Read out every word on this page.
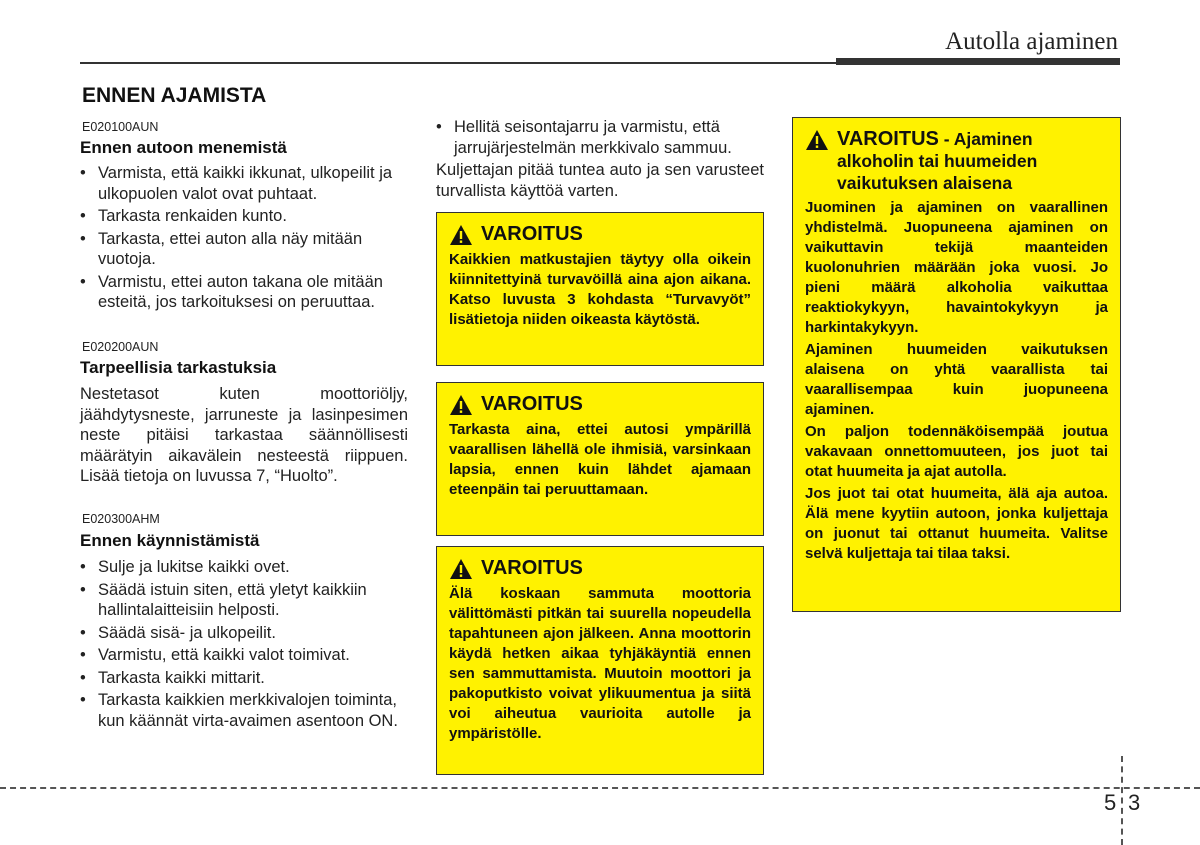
Autolla ajaminen
ENNEN AJAMISTA
E020100AUN
Ennen autoon menemistä
• Varmista, että kaikki ikkunat, ulkopeilit ja ulkopuolen valot ovat puhtaat.
• Tarkasta renkaiden kunto.
• Tarkasta, ettei auton alla näy mitään vuotoja.
• Varmistu, ettei auton takana ole mitään esteitä, jos tarkoituksesi on peruuttaa.
E020200AUN
Tarpeellisia tarkastuksia

Nestetasot kuten moottoriöljy, jäähdytysneste, jarruneste ja lasinpesimen neste pitäisi tarkastaa säännöllisesti määrätyin aikavälein nesteestä riippuen. Lisää tietoja on luvussa 7, “Huolto”.

E020300AHM
Ennen käynnistämistä
• Sulje ja lukitse kaikki ovet.
• Säädä istuin siten, että yletyt kaikkiin hallintalaitteisiin helposti.
• Säädä sisä- ja ulkopeilit.
• Varmistu, että kaikki valot toimivat.
• Tarkasta kaikki mittarit.
• Tarkasta kaikkien merkkivalojen toiminta, kun käännät virta-avaimen asentoon ON.
• Hellitä seisontajarru ja varmistu, että jarrujärjestelmän merkkivalo sammuu.

Kuljettajan pitää tuntea auto ja sen varusteet turvallista käyttöä varten.

VAROITUS

Kaikkien matkustajien täytyy olla oikein kiinnitettyinä turvavöillä aina ajon aikana. Katso luvusta 3 kohdasta “Turvavyöt” lisätietoja niiden oikeasta käytöstä.

VAROITUS

Tarkasta aina, ettei autosi ympärillä vaarallisen lähellä ole ihmisiä, varsinkaan lapsia, ennen kuin lähdet ajamaan eteenpäin tai peruuttamaan.

VAROITUS

Älä koskaan sammuta moottoria välittömästi pitkän tai suurella nopeudella tapahtuneen ajon jälkeen. Anna moottorin käydä hetken aikaa tyhjäkäyntiä ennen sen sammuttamista. Muutoin moottori ja pakoputkisto voivat ylikuumentua ja siitä voi aiheutua vaurioita autolle ja ympäristölle.

VAROITUS - Ajaminen alkoholin tai huumeiden vaikutuksen alaisena

Juominen ja ajaminen on vaarallinen yhdistelmä. Juopuneena ajaminen on vaikuttavin tekijä maanteiden kuolonuhrien määrään joka vuosi. Jo pieni määrä alkoholia vaikuttaa reaktiokykyyn, havaintokykyyn ja harkintakykyyn.

Ajaminen huumeiden vaikutuksen alaisena on yhtä vaarallista tai vaarallisempaa kuin juopuneena ajaminen.

On paljon todennäköisempää joutua vakavaan onnettomuuteen, jos juot tai otat huumeita ja ajat autolla.

Jos juot tai otat huumeita, älä aja autoa. Älä mene kyytiin autoon, jonka kuljettaja on juonut tai ottanut huumeita. Valitse selvä kuljettaja tai tilaa taksi.

5 3
